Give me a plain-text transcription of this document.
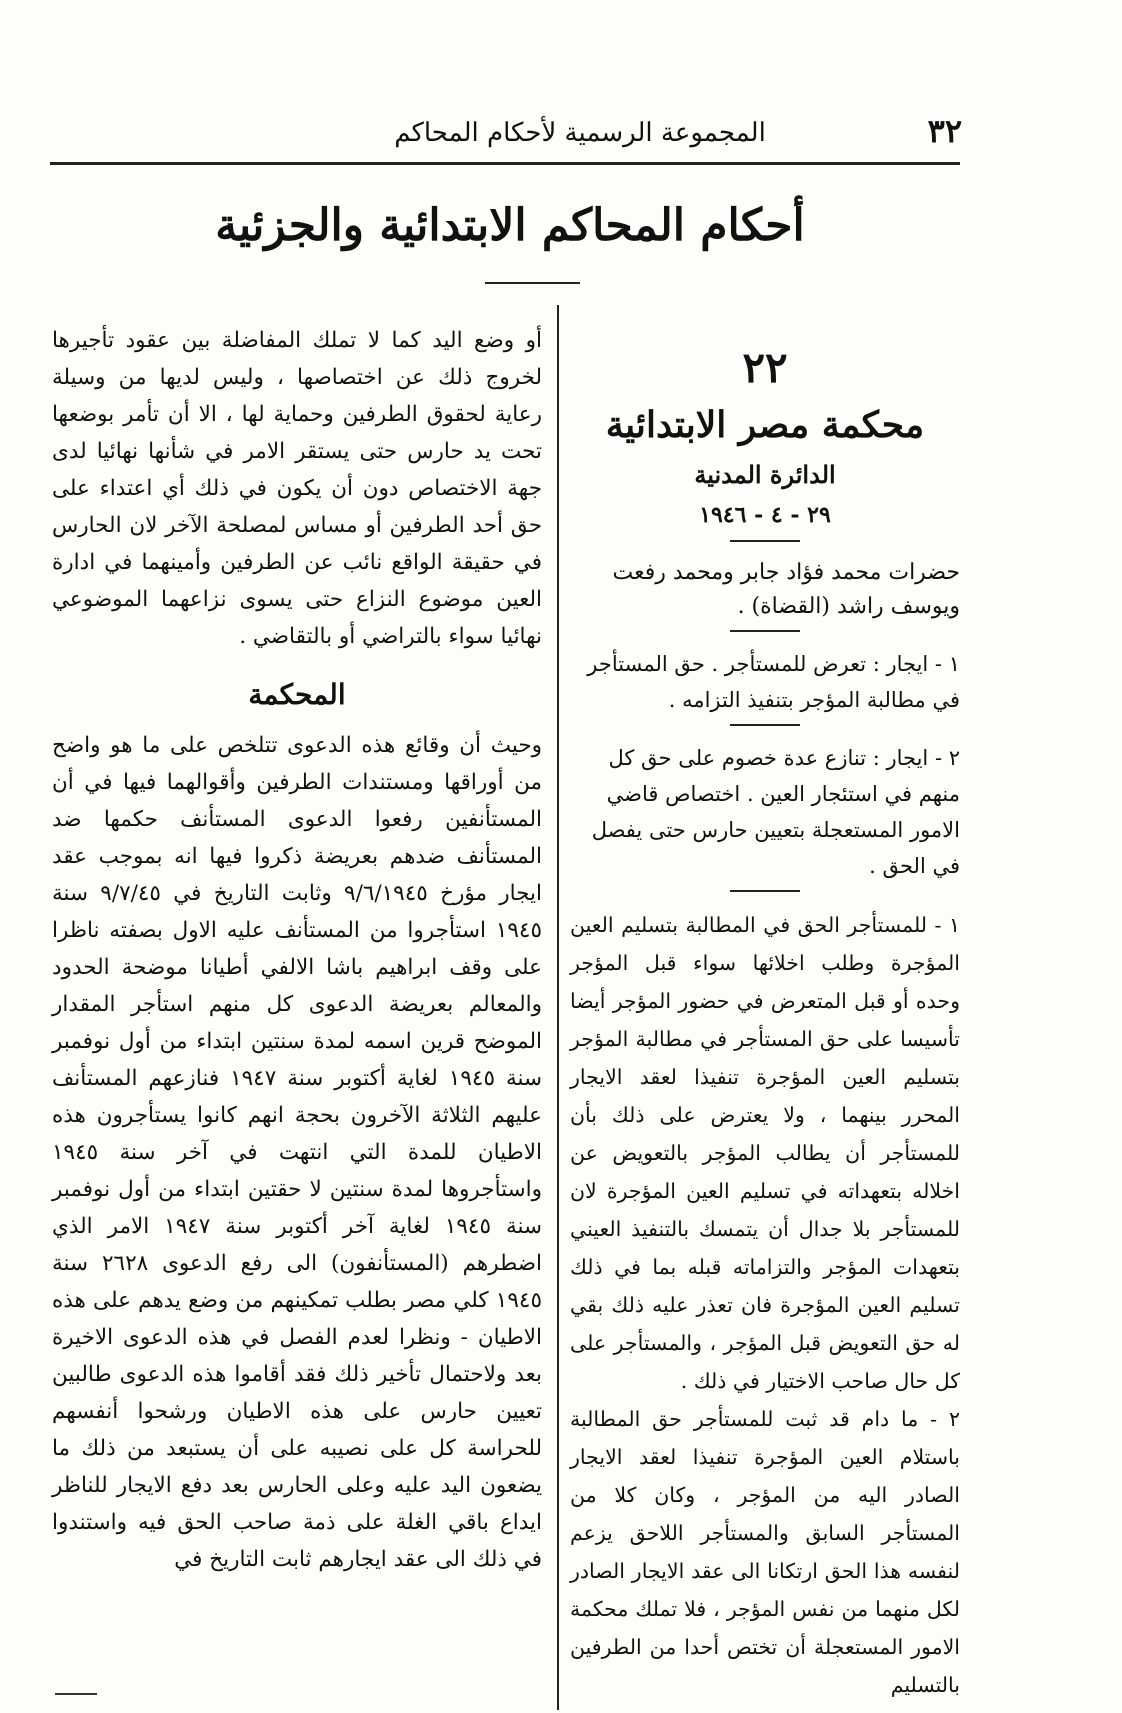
المجموعة الرسمية لأحكام المحاكم	٣٢
أحكام المحاكم الابتدائية والجزئية
٢٢
محكمة مصر الابتدائية
الدائرة المدنية
٢٩ - ٤ - ١٩٤٦
حضرات محمد فؤاد جابر ومحمد رفعت ويوسف راشد (القضاة) .
١ - ايجار : تعرض للمستأجر . حق المستأجر في مطالبة المؤجر بتنفيذ التزامه .
٢ - ايجار : تنازع عدة خصوم على حق كل منهم في استئجار العين . اختصاص قاضي الامور المستعجلة بتعيين حارس حتى يفصل في الحق .
١ - للمستأجر الحق في المطالبة بتسليم العين المؤجرة وطلب اخلائها سواء قبل المؤجر وحده أو قبل المتعرض في حضور المؤجر أيضا تأسيسا على حق المستأجر في مطالبة المؤجر بتسليم العين المؤجرة تنفيذا لعقد الايجار المحرر بينهما ، ولا يعترض على ذلك بأن للمستأجر أن يطالب المؤجر بالتعويض عن اخلاله بتعهداته في تسليم العين المؤجرة لان للمستأجر بلا جدال أن يتمسك بالتنفيذ العيني بتعهدات المؤجر والتزاماته قبله بما في ذلك تسليم العين المؤجرة فان تعذر عليه ذلك بقي له حق التعويض قبل المؤجر ، والمستأجر على كل حال صاحب الاختيار في ذلك .
٢ - ما دام قد ثبت للمستأجر حق المطالبة باستلام العين المؤجرة تنفيذا لعقد الايجار الصادر اليه من المؤجر ، وكان كلا من المستأجر السابق والمستأجر اللاحق يزعم لنفسه هذا الحق ارتكانا الى عقد الايجار الصادر لكل منهما من نفس المؤجر ، فلا تملك محكمة الامور المستعجلة أن تختص أحدا من الطرفين بالتسليم

أو وضع اليد كما لا تملك المفاضلة بين عقود تأجيرها لخروج ذلك عن اختصاصها ، وليس لديها من وسيلة رعاية لحقوق الطرفين وحماية لها ، الا أن تأمر بوضعها تحت يد حارس حتى يستقر الامر في شأنها نهائيا لدى جهة الاختصاص دون أن يكون في ذلك أي اعتداء على حق أحد الطرفين أو مساس لمصلحة الآخر لان الحارس في حقيقة الواقع نائب عن الطرفين وأمينهما في ادارة العين موضوع النزاع حتى يسوى نزاعهما الموضوعي نهائيا سواء بالتراضي أو بالتقاضي .

المحكمة

وحيث أن وقائع هذه الدعوى تتلخص على ما هو واضح من أوراقها ومستندات الطرفين وأقوالهما فيها في أن المستأنفين رفعوا الدعوى المستأنف حكمها ضد المستأنف ضدهم بعريضة ذكروا فيها انه بموجب عقد ايجار مؤرخ ٩/٦/١٩٤٥ وثابت التاريخ في ٩/٧/٤٥ سنة ١٩٤٥ استأجروا من المستأنف عليه الاول بصفته ناظرا على وقف ابراهيم باشا الالفي أطيانا موضحة الحدود والمعالم بعريضة الدعوى كل منهم استأجر المقدار الموضح قرين اسمه لمدة سنتين ابتداء من أول نوفمبر سنة ١٩٤٥ لغاية أكتوبر سنة ١٩٤٧ فنازعهم المستأنف عليهم الثلاثة الآخرون بحجة انهم كانوا يستأجرون هذه الاطيان للمدة التي انتهت في آخر سنة ١٩٤٥ واستأجروها لمدة سنتين لا حقتين ابتداء من أول نوفمبر سنة ١٩٤٥ لغاية آخر أكتوبر سنة ١٩٤٧ الامر الذي اضطرهم (المستأنفون) الى رفع الدعوى ٢٦٢٨ سنة ١٩٤٥ كلي مصر بطلب تمكينهم من وضع يدهم على هذه الاطيان - ونظرا لعدم الفصل في هذه الدعوى الاخيرة بعد ولاحتمال تأخير ذلك فقد أقاموا هذه الدعوى طالبين تعيين حارس على هذه الاطيان ورشحوا أنفسهم للحراسة كل على نصيبه على أن يستبعد من ذلك ما يضعون اليد عليه وعلى الحارس بعد دفع الايجار للناظر ايداع باقي الغلة على ذمة صاحب الحق فيه واستندوا في ذلك الى عقد ايجارهم ثابت التاريخ في
